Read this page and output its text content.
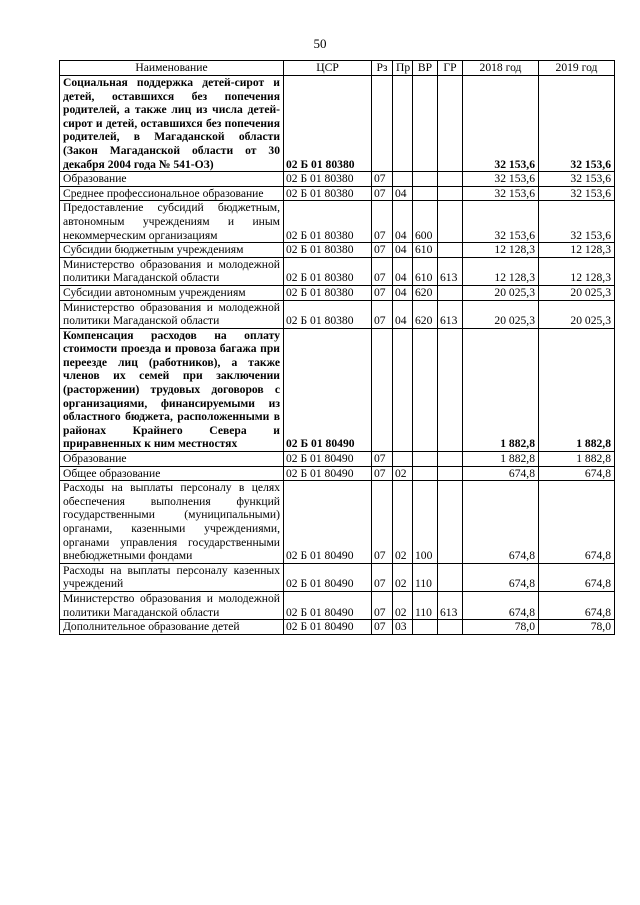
50
Наименование	ЦСР	Рз	Пр	ВР	ГР	2018 год	2019 год
Социальная поддержка детей-сирот и детей, оставшихся без попечения родителей, а также лиц из числа детей-сирот и детей, оставшихся без попечения родителей, в Магаданской области (Закон Магаданской области от 30 декабря 2004 года № 541-ОЗ)	02 Б 01 80380					32 153,6	32 153,6
Образование	02 Б 01 80380	07				32 153,6	32 153,6
Среднее профессиональное образование	02 Б 01 80380	07	04			32 153,6	32 153,6
Предоставление субсидий бюджетным, автономным учреждениям и иным некоммерческим организациям	02 Б 01 80380	07	04	600		32 153,6	32 153,6
Субсидии бюджетным учреждениям	02 Б 01 80380	07	04	610		12 128,3	12 128,3
Министерство образования и молодежной политики Магаданской области	02 Б 01 80380	07	04	610	613	12 128,3	12 128,3
Субсидии автономным учреждениям	02 Б 01 80380	07	04	620		20 025,3	20 025,3
Министерство образования и молодежной политики Магаданской области	02 Б 01 80380	07	04	620	613	20 025,3	20 025,3
Компенсация расходов на оплату стоимости проезда и провоза багажа при переезде лиц (работников), а также членов их семей при заключении (расторжении) трудовых договоров с организациями, финансируемыми из областного бюджета, расположенными в районах Крайнего Севера и приравненных к ним местностях	02 Б 01 80490					1 882,8	1 882,8
Образование	02 Б 01 80490	07				1 882,8	1 882,8
Общее образование	02 Б 01 80490	07	02			674,8	674,8
Расходы на выплаты персоналу в целях обеспечения выполнения функций государственными (муниципальными) органами, казенными учреждениями, органами управления государственными внебюджетными фондами	02 Б 01 80490	07	02	100		674,8	674,8
Расходы на выплаты персоналу казенных учреждений	02 Б 01 80490	07	02	110		674,8	674,8
Министерство образования и молодежной политики Магаданской области	02 Б 01 80490	07	02	110	613	674,8	674,8
Дополнительное образование детей	02 Б 01 80490	07	03			78,0	78,0
